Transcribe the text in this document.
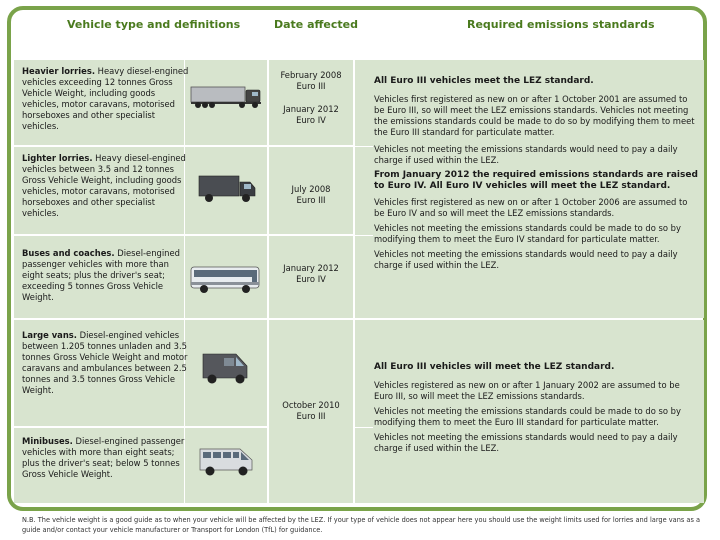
Vehicle type and definitions	Date affected	Required emissions standards
February 2008
Euro III
January 2012
Euro IV
July 2008
Euro III
January 2012
Euro IV
October 2010
Euro III
Heavier lorries. Heavy diesel-engined vehicles exceeding 12 tonnes Gross Vehicle Weight, including goods vehicles, motor caravans, motorised horseboxes and other specialist vehicles.
Lighter lorries. Heavy diesel-engined vehicles between 3.5 and 12 tonnes Gross Vehicle Weight, including goods vehicles, motor caravans, motorised horseboxes and other specialist vehicles.
Buses and coaches. Diesel-engined passenger vehicles with more than eight seats; plus the driver's seat; exceeding 5 tonnes Gross Vehicle Weight.
Large vans. Diesel-engined vehicles between 1.205 tonnes unladen and 3.5 tonnes Gross Vehicle Weight and motor caravans and ambulances between 2.5 tonnes and 3.5 tonnes Gross Vehicle Weight.
Minibuses. Diesel-engined passenger vehicles with more than eight seats; plus the driver's seat; below 5 tonnes Gross Vehicle Weight.

All Euro III vehicles meet the LEZ standard.

Vehicles first registered as new on or after 1 October 2001 are assumed to be Euro III, so will meet the LEZ emissions standards. Vehicles not meeting the emissions standards could be made to do so by modifying them to meet the Euro III standard for particulate matter.

Vehicles not meeting the emissions standards would need to pay a daily charge if used within the LEZ.

From January 2012 the required emissions standards are raised to Euro IV. All Euro IV vehicles will meet the LEZ standard.

Vehicles first registered as new on or after 1 October 2006 are assumed to be Euro IV and so will meet the LEZ emissions standards.

Vehicles not meeting the emissions standards could be made to do so by modifying them to meet the Euro IV standard for particulate matter.

Vehicles not meeting the emissions standards would need to pay a daily charge if used within the LEZ.

All Euro III vehicles will meet the LEZ standard.

Vehicles registered as new on or after 1 January 2002 are assumed to be Euro III, so will meet the LEZ emissions standards.

Vehicles not meeting the emissions standards could be made to do so by modifying them to meet the Euro III standard for particulate matter.

Vehicles not meeting the emissions standards would need to pay a daily charge if used within the LEZ.

N.B. The vehicle weight is a good guide as to when your vehicle will be affected by the LEZ. If your type of vehicle does not appear here you should use the weight limits used for lorries and large vans as a guide and/or contact your vehicle manufacturer or Transport for London (TfL) for guidance.
